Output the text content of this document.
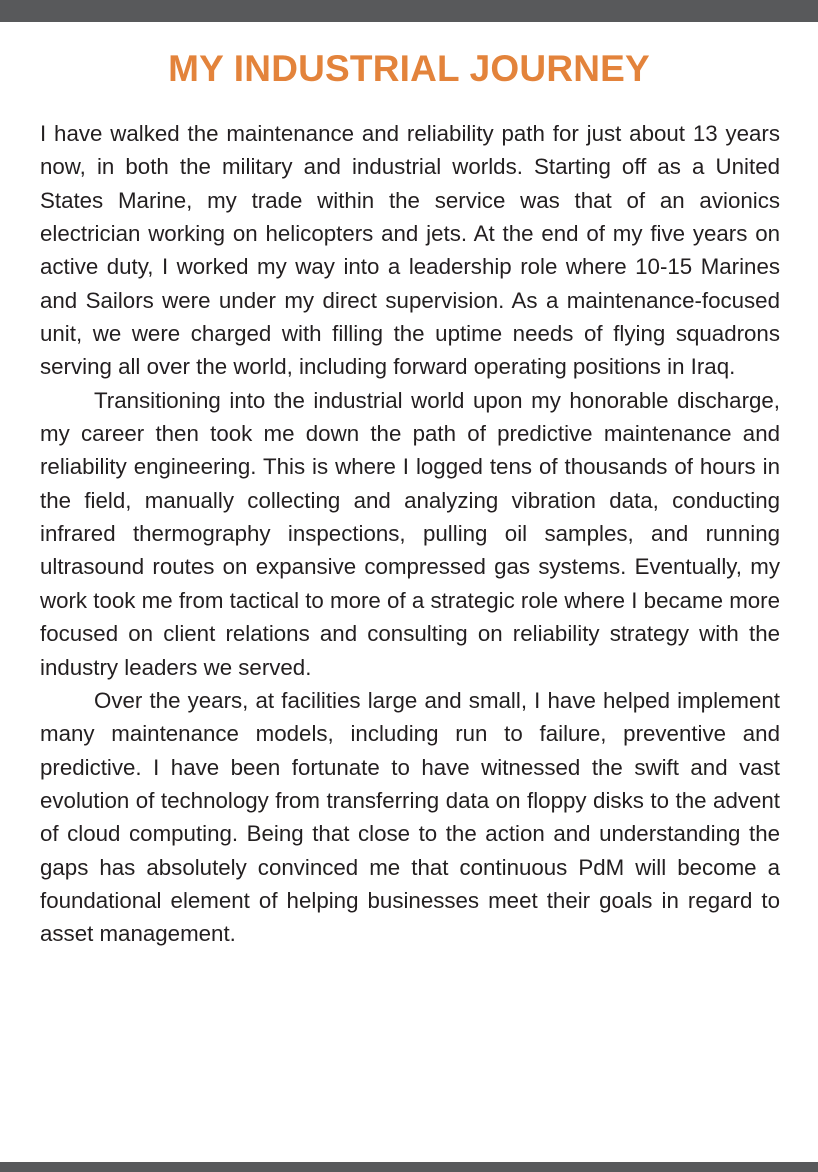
MY INDUSTRIAL JOURNEY

I have walked the maintenance and reliability path for just about 13 years now, in both the military and industrial worlds. Starting off as a United States Marine, my trade within the service was that of an avionics electrician working on helicopters and jets. At the end of my five years on active duty, I worked my way into a leadership role where 10-15 Marines and Sailors were under my direct supervision. As a maintenance-focused unit, we were charged with filling the uptime needs of flying squadrons serving all over the world, including forward operating positions in Iraq.

Transitioning into the industrial world upon my honorable discharge, my career then took me down the path of predictive maintenance and reliability engineering. This is where I logged tens of thousands of hours in the field, manually collecting and analyzing vibration data, conducting infrared thermography inspections, pulling oil samples, and running ultrasound routes on expansive compressed gas systems. Eventually, my work took me from tactical to more of a strategic role where I became more focused on client relations and consulting on reliability strategy with the industry leaders we served.

Over the years, at facilities large and small, I have helped implement many maintenance models, including run to failure, preventive and predictive. I have been fortunate to have witnessed the swift and vast evolution of technology from transferring data on floppy disks to the advent of cloud computing. Being that close to the action and understanding the gaps has absolutely convinced me that continuous PdM will become a foundational element of helping businesses meet their goals in regard to asset management.
